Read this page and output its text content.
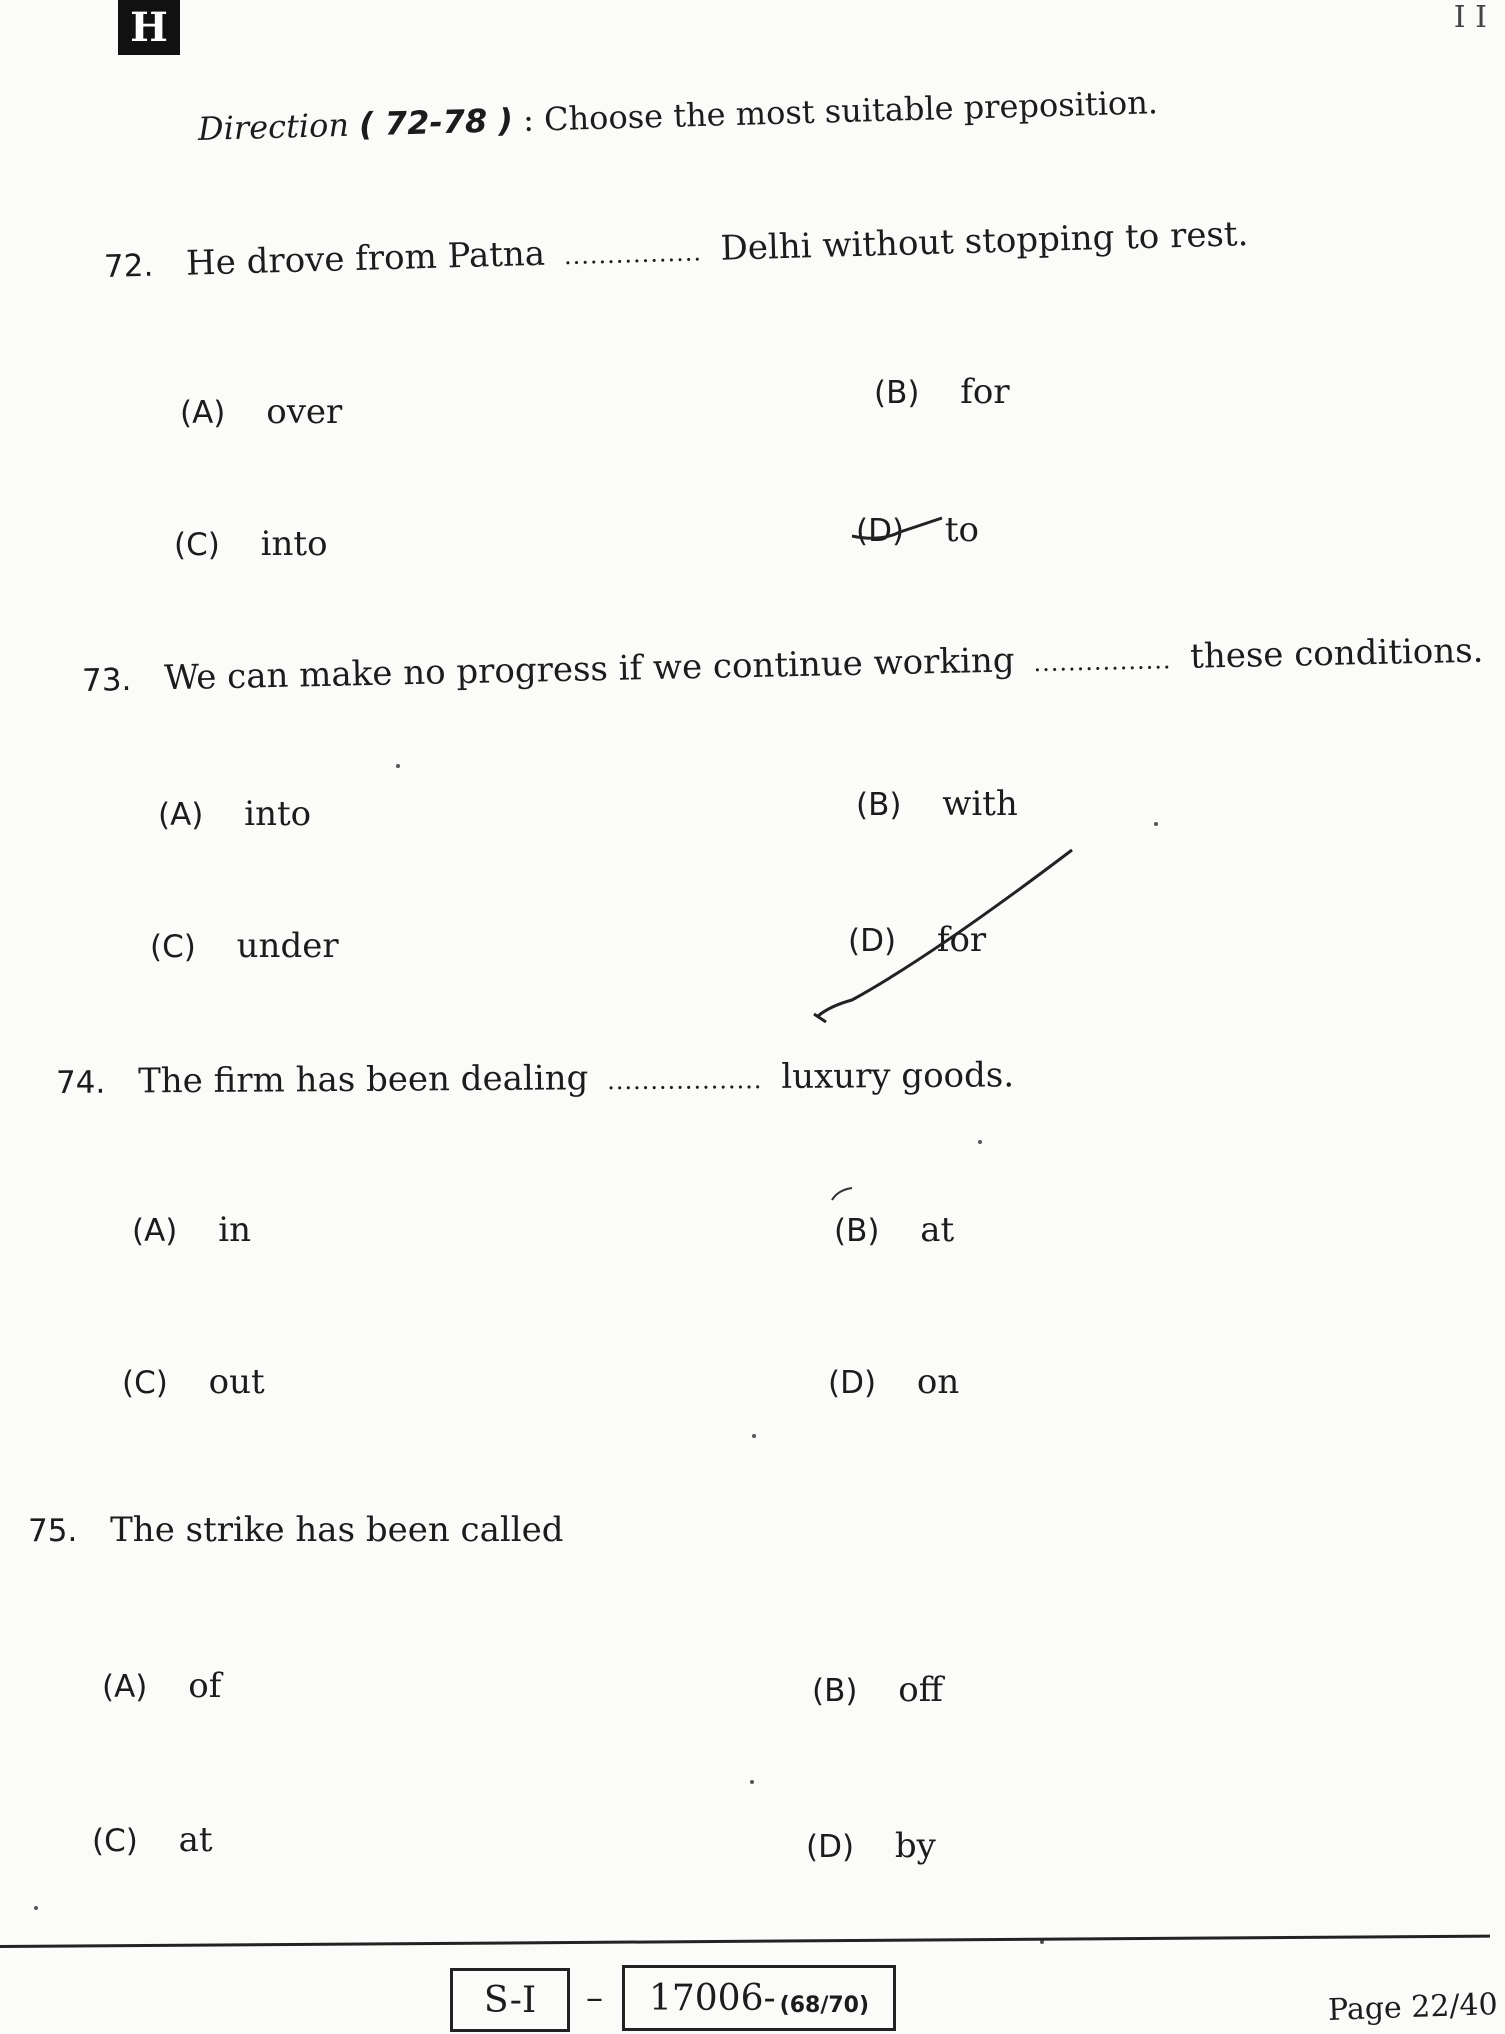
H	I I
Direction ( 72-78 ) : Choose the most suitable preposition.
72. He drove from Patna ................ Delhi without stopping to rest.
(A) over	(B) for
(C) into	(D) to
73. We can make no progress if we continue working ................ these conditions.
(A) into	(B) with
(C) under	(D) for
74. The firm has been dealing .................. luxury goods.
(A) in	(B) at
(C) out	(D) on
75. The strike has been called
(A) of	(B) off
(C) at	(D) by
S-I – 17006- (68/70)	Page 22/40
